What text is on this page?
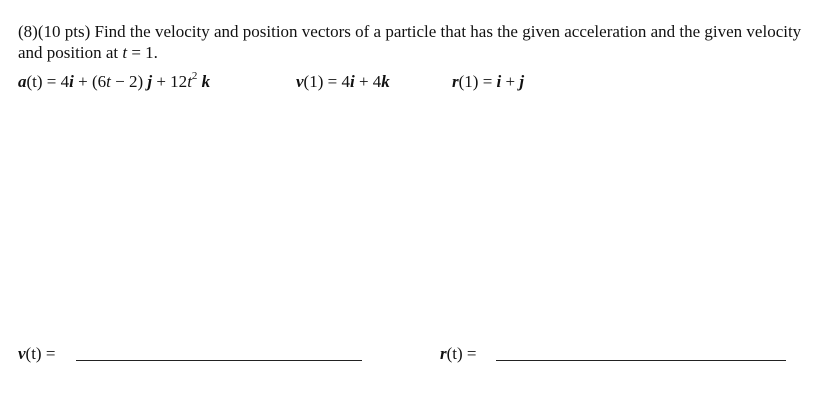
(8)(10 pts) Find the velocity and position vectors of a particle that has the given acceleration and the given velocity and position at t = 1.
a(t) = 4i + (6t − 2) $j + 12t^2$ k	v(1) = 4i + 4k	r(1) = i + j
v(t) =	r(t) =
